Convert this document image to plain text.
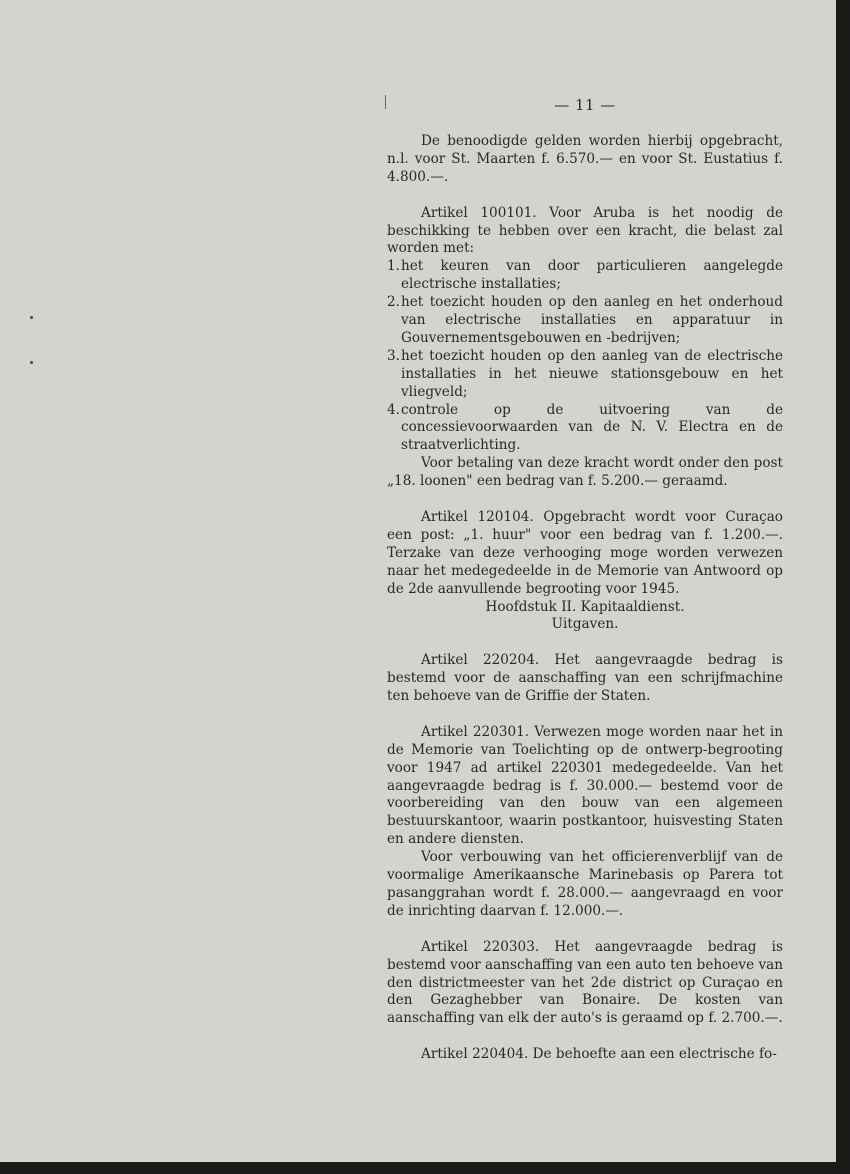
— 11 —

De benoodigde gelden worden hierbij opgebracht, n.l. voor St. Maarten f. 6.570.— en voor St. Eustatius f. 4.800.—.

Artikel 100101. Voor Aruba is het noodig de beschikking te hebben over een kracht, die belast zal worden met:

1. het keuren van door particulieren aangelegde electrische installaties;
2. het toezicht houden op den aanleg en het onderhoud van electrische installaties en apparatuur in Gouvernementsgebouwen en -bedrijven;
3. het toezicht houden op den aanleg van de electrische installaties in het nieuwe stationsgebouw en het vliegveld;
4. controle op de uitvoering van de concessievoorwaarden van de N. V. Electra en de straatverlichting.

Voor betaling van deze kracht wordt onder den post „18. loonen" een bedrag van f. 5.200.— geraamd.

Artikel 120104. Opgebracht wordt voor Curaçao een post: „1. huur" voor een bedrag van f. 1.200.—. Terzake van deze verhooging moge worden verwezen naar het medegedeelde in de Memorie van Antwoord op de 2de aanvullende begrooting voor 1945.

Hoofdstuk II. Kapitaaldienst.

Uitgaven.

Artikel 220204. Het aangevraagde bedrag is bestemd voor de aanschaffing van een schrijfmachine ten behoeve van de Griffie der Staten.

Artikel 220301. Verwezen moge worden naar het in de Memorie van Toelichting op de ontwerp-begrooting voor 1947 ad artikel 220301 medegedeelde. Van het aangevraagde bedrag is f. 30.000.— bestemd voor de voorbereiding van den bouw van een algemeen bestuurskantoor, waarin postkantoor, huisvesting Staten en andere diensten.

Voor verbouwing van het officierenverblijf van de voormalige Amerikaansche Marinebasis op Parera tot pasanggrahan wordt f. 28.000.— aangevraagd en voor de inrichting daarvan f. 12.000.—.

Artikel 220303. Het aangevraagde bedrag is bestemd voor aanschaffing van een auto ten behoeve van den districtmeester van het 2de district op Curaçao en den Gezaghebber van Bonaire. De kosten van aanschaffing van elk der auto's is geraamd op f. 2.700.—.

Artikel 220404. De behoefte aan een electrische fo-
